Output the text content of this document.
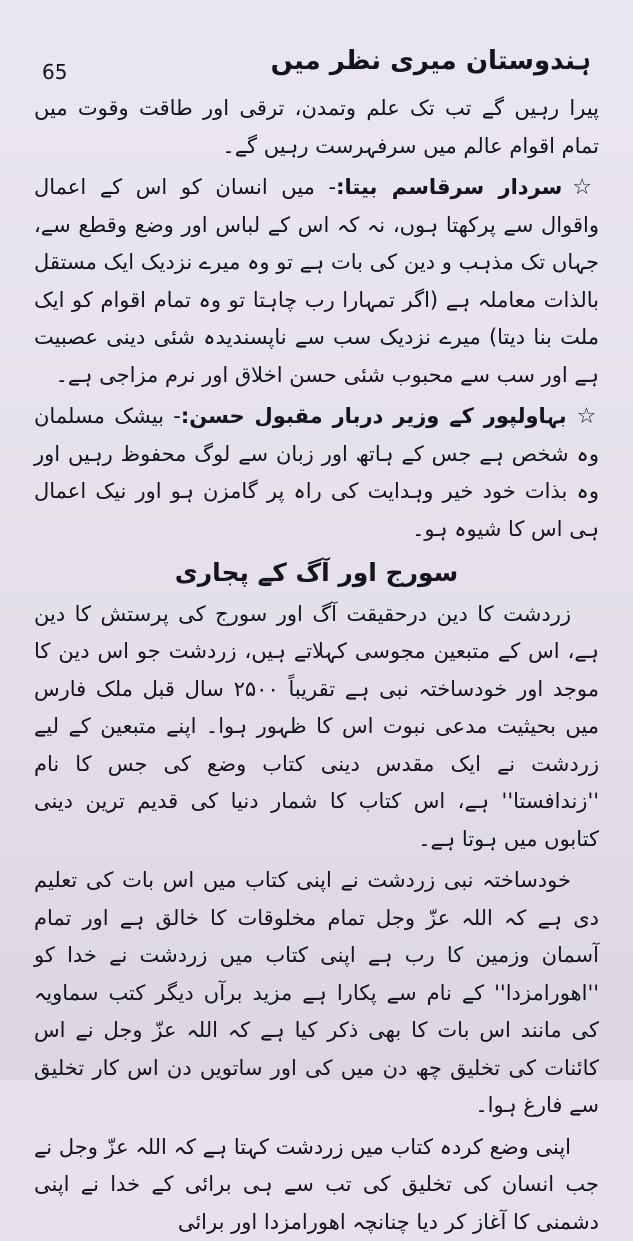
65	ہندوستان میری نظر میں

پیرا رہیں گے تب تک علم وتمدن، ترقی اور طاقت وقوت میں تمام اقوام عالم میں سرفہرست رہیں گے۔

☆سردار سرقاسم بیتا:- میں انسان کو اس کے اعمال واقوال سے پرکھتا ہوں، نہ کہ اس کے لباس اور وضع وقطع سے، جہاں تک مذہب و دین کی بات ہے تو وہ میرے نزدیک ایک مستقل بالذات معاملہ ہے (اگر تمہارا رب چاہتا تو وہ تمام اقوام کو ایک ملت بنا دیتا) میرے نزدیک سب سے ناپسندیدہ شئی دینی عصبیت ہے اور سب سے محبوب شئی حسن اخلاق اور نرم مزاجی ہے۔

☆بہاولپور کے وزیر دربار مقبول حسن:- بیشک مسلمان وہ شخص ہے جس کے ہاتھ اور زبان سے لوگ محفوظ رہیں اور وہ بذات خود خیر وہدایت کی راہ پر گامزن ہو اور نیک اعمال ہی اس کا شیوہ ہو۔

سورج اور آگ کے پجاری

زردشت کا دین درحقیقت آگ اور سورج کی پرستش کا دین ہے، اس کے متبعین مجوسی کہلاتے ہیں، زردشت جو اس دین کا موجد اور خودساختہ نبی ہے تقریباً ۲۵۰۰ سال قبل ملک فارس میں بحیثیت مدعی نبوت اس کا ظہور ہوا۔ اپنے متبعین کے لیے زردشت نے ایک مقدس دینی کتاب وضع کی جس کا نام ''زندافستا'' ہے، اس کتاب کا شمار دنیا کی قدیم ترین دینی کتابوں میں ہوتا ہے۔

خودساختہ نبی زردشت نے اپنی کتاب میں اس بات کی تعلیم دی ہے کہ اللہ عزّ وجل تمام مخلوقات کا خالق ہے اور تمام آسمان وزمین کا رب ہے اپنی کتاب میں زردشت نے خدا کو ''اھورامزدا'' کے نام سے پکارا ہے مزید برآں دیگر کتب سماویہ کی مانند اس بات کا بھی ذکر کیا ہے کہ اللہ عزّ وجل نے اس کائنات کی تخلیق چھ دن میں کی اور ساتویں دن اس کار تخلیق سے فارغ ہوا۔

اپنی وضع کردہ کتاب میں زردشت کہتا ہے کہ اللہ عزّ وجل نے جب انسان کی تخلیق کی تب سے ہی برائی کے خدا نے اپنی دشمنی کا آغاز کر دیا چنانچہ اھورامزدا اور برائی
